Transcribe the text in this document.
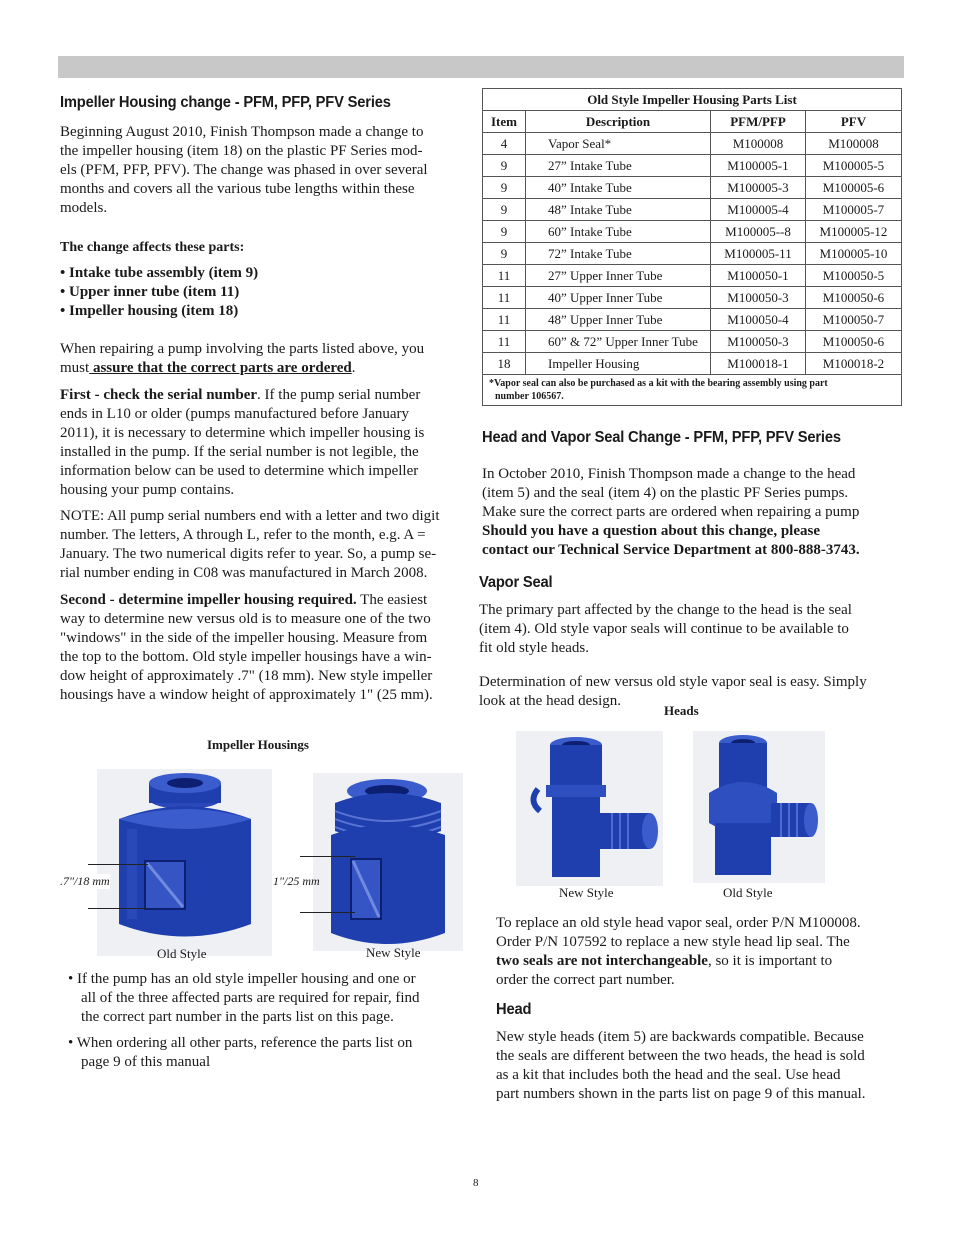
Impeller Housing change - PFM, PFP, PFV Series

Beginning August 2010, Finish Thompson made a change to

the impeller housing (item 18) on the plastic PF Series mod-

els (PFM, PFP, PFV). The change was phased in over several

months and covers all the various tube lengths within these

models.

The change affects these parts:

• Intake tube assembly (item 9)
• Upper inner tube (item 11)
• Impeller housing (item 18)

When repairing a pump involving the parts listed above, you

must assure that the correct parts are ordered.

First - check the serial number. If the pump serial number

ends in L10 or older (pumps manufactured before January

2011), it is necessary to determine which impeller housing is

installed in the pump. If the serial number is not legible, the

information below can be used to determine which impeller

housing your pump contains.

NOTE: All pump serial numbers end with a letter and two digit

number. The letters, A through L, refer to the month, e.g. A =

January. The two numerical digits refer to year. So, a pump se-

rial number ending in C08 was manufactured in March 2008.

Second - determine impeller housing required. The easiest

way to determine new versus old is to measure one of the two

"windows" in the side of the impeller housing. Measure from

the top to the bottom. Old style impeller housings have a win-

dow height of approximately .7" (18 mm). New style impeller

housings have a window height of approximately 1" (25 mm).

Impeller Housings
.7"/18 mm
Old Style
1"/25 mm
New Style

• If the pump has an old style impeller housing and one or

all of the three affected parts are required for repair, find

the correct part number in the parts list on this page.

• When ordering all other parts, reference the parts list on

page 9 of this manual

Old Style Impeller Housing Parts List			
Item	Description	PFM/PFP	PFV
4	Vapor Seal*	M100008	M100008
9	27” Intake Tube	M100005-1	M100005-5
9	40” Intake Tube	M100005-3	M100005-6
9	48” Intake Tube	M100005-4	M100005-7
9	60” Intake Tube	M100005--8	M100005-12
9	72” Intake Tube	M100005-11	M100005-10
11	27” Upper Inner Tube	M100050-1	M100050-5
11	40” Upper Inner Tube	M100050-3	M100050-6
11	48” Upper Inner Tube	M100050-4	M100050-7
11	60” & 72” Upper Inner Tube	M100050-3	M100050-6
18	Impeller Housing	M100018-1	M100018-2

*Vapor seal can also be purchased as a kit with the bearing assembly using part
number 106567.			
Head and Vapor Seal Change - PFM, PFP, PFV Series

In October 2010, Finish Thompson made a change to the head

(item 5) and the seal (item 4) on the plastic PF Series pumps.

Make sure the correct parts are ordered when repairing a pump

Should you have a question about this change, please

contact our Technical Service Department at 800-888-3743.

Vapor Seal

The primary part affected by the change to the head is the seal

(item 4). Old style vapor seals will continue to be available to

fit old style heads.

Determination of new versus old style vapor seal is easy. Simply

look at the head design.

Heads
New Style	Old Style

To replace an old style head vapor seal, order P/N M100008.

Order P/N 107592 to replace a new style head lip seal. The

two seals are not interchangeable, so it is important to

order the correct part number.

Head

New style heads (item 5) are backwards compatible. Because

the seals are different between the two heads, the head is sold

as a kit that includes both the head and the seal. Use head

part numbers shown in the parts list on page 9 of this manual.

8
